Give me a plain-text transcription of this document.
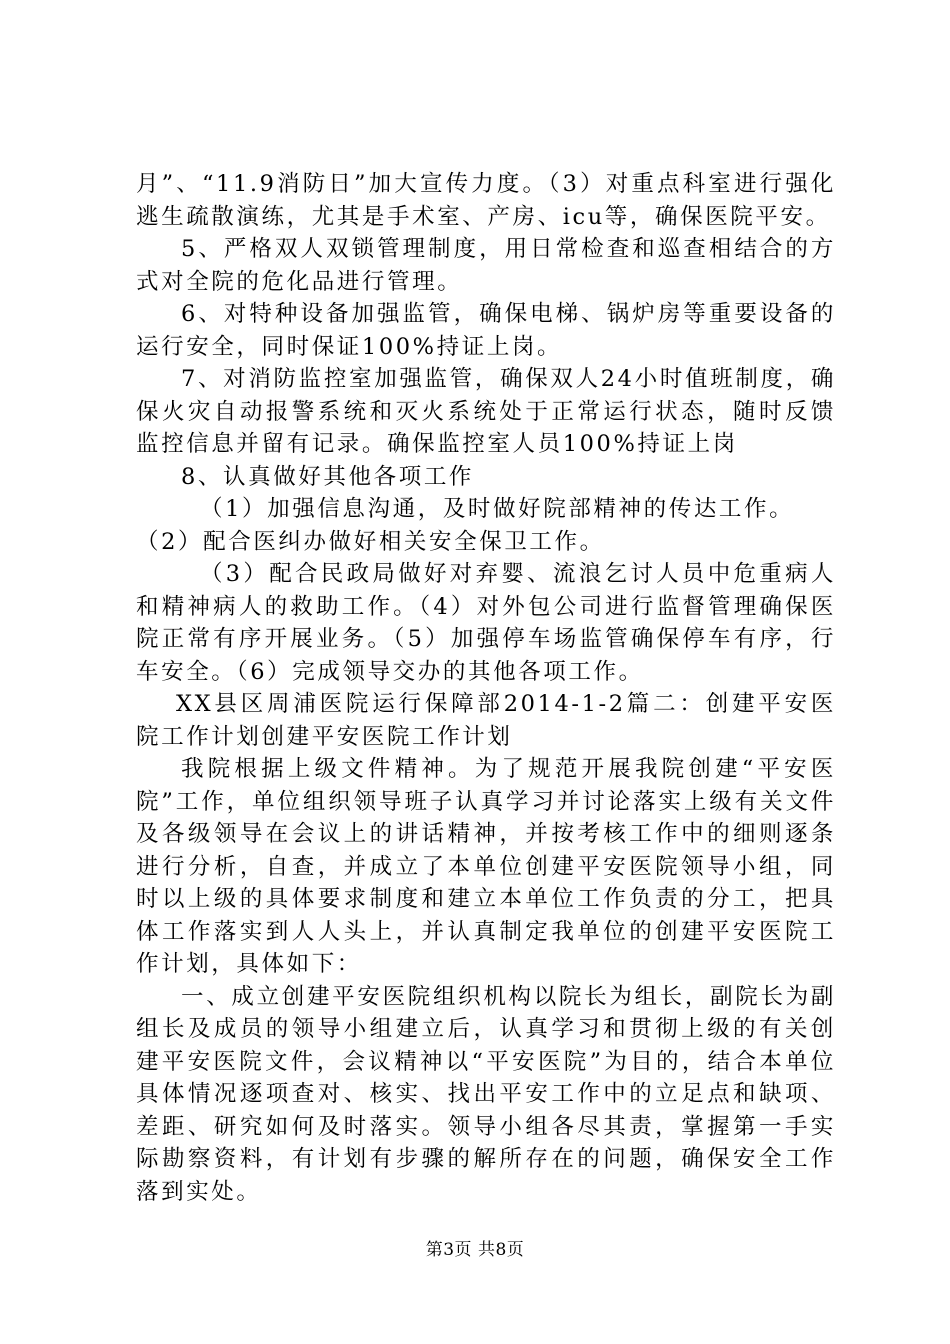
月”、“11.9消防日”加大宣传力度。（3）对重点科室进行强化逃生疏散演练，尤其是手术室、产房、icu等，确保医院平安。

5、严格双人双锁管理制度，用日常检查和巡查相结合的方式对全院的危化品进行管理。

6、对特种设备加强监管，确保电梯、锅炉房等重要设备的运行安全，同时保证100%持证上岗。

7、对消防监控室加强监管，确保双人24小时值班制度，确保火灾自动报警系统和灭火系统处于正常运行状态，随时反馈监控信息并留有记录。确保监控室人员100%持证上岗

8、认真做好其他各项工作

（1）加强信息沟通，及时做好院部精神的传达工作。

（2）配合医纠办做好相关安全保卫工作。

（3）配合民政局做好对弃婴、流浪乞讨人员中危重病人和精神病人的救助工作。（4）对外包公司进行监督管理确保医院正常有序开展业务。（5）加强停车场监管确保停车有序，行车安全。（6）完成领导交办的其他各项工作。

XX县区周浦医院运行保障部2014-1-2篇二：创建平安医院工作计划创建平安医院工作计划

我院根据上级文件精神。为了规范开展我院创建“平安医院”工作，单位组织领导班子认真学习并讨论落实上级有关文件及各级领导在会议上的讲话精神，并按考核工作中的细则逐条进行分析，自查，并成立了本单位创建平安医院领导小组，同时以上级的具体要求制度和建立本单位工作负责的分工，把具体工作落实到人人头上，并认真制定我单位的创建平安医院工作计划，具体如下：

一、成立创建平安医院组织机构以院长为组长，副院长为副组长及成员的领导小组建立后，认真学习和贯彻上级的有关创建平安医院文件，会议精神以“平安医院”为目的，结合本单位具体情况逐项查对、核实、找出平安工作中的立足点和缺项、差距、研究如何及时落实。领导小组各尽其责，掌握第一手实际勘察资料，有计划有步骤的解所存在的问题，确保安全工作落到实处。

第3页 共8页
